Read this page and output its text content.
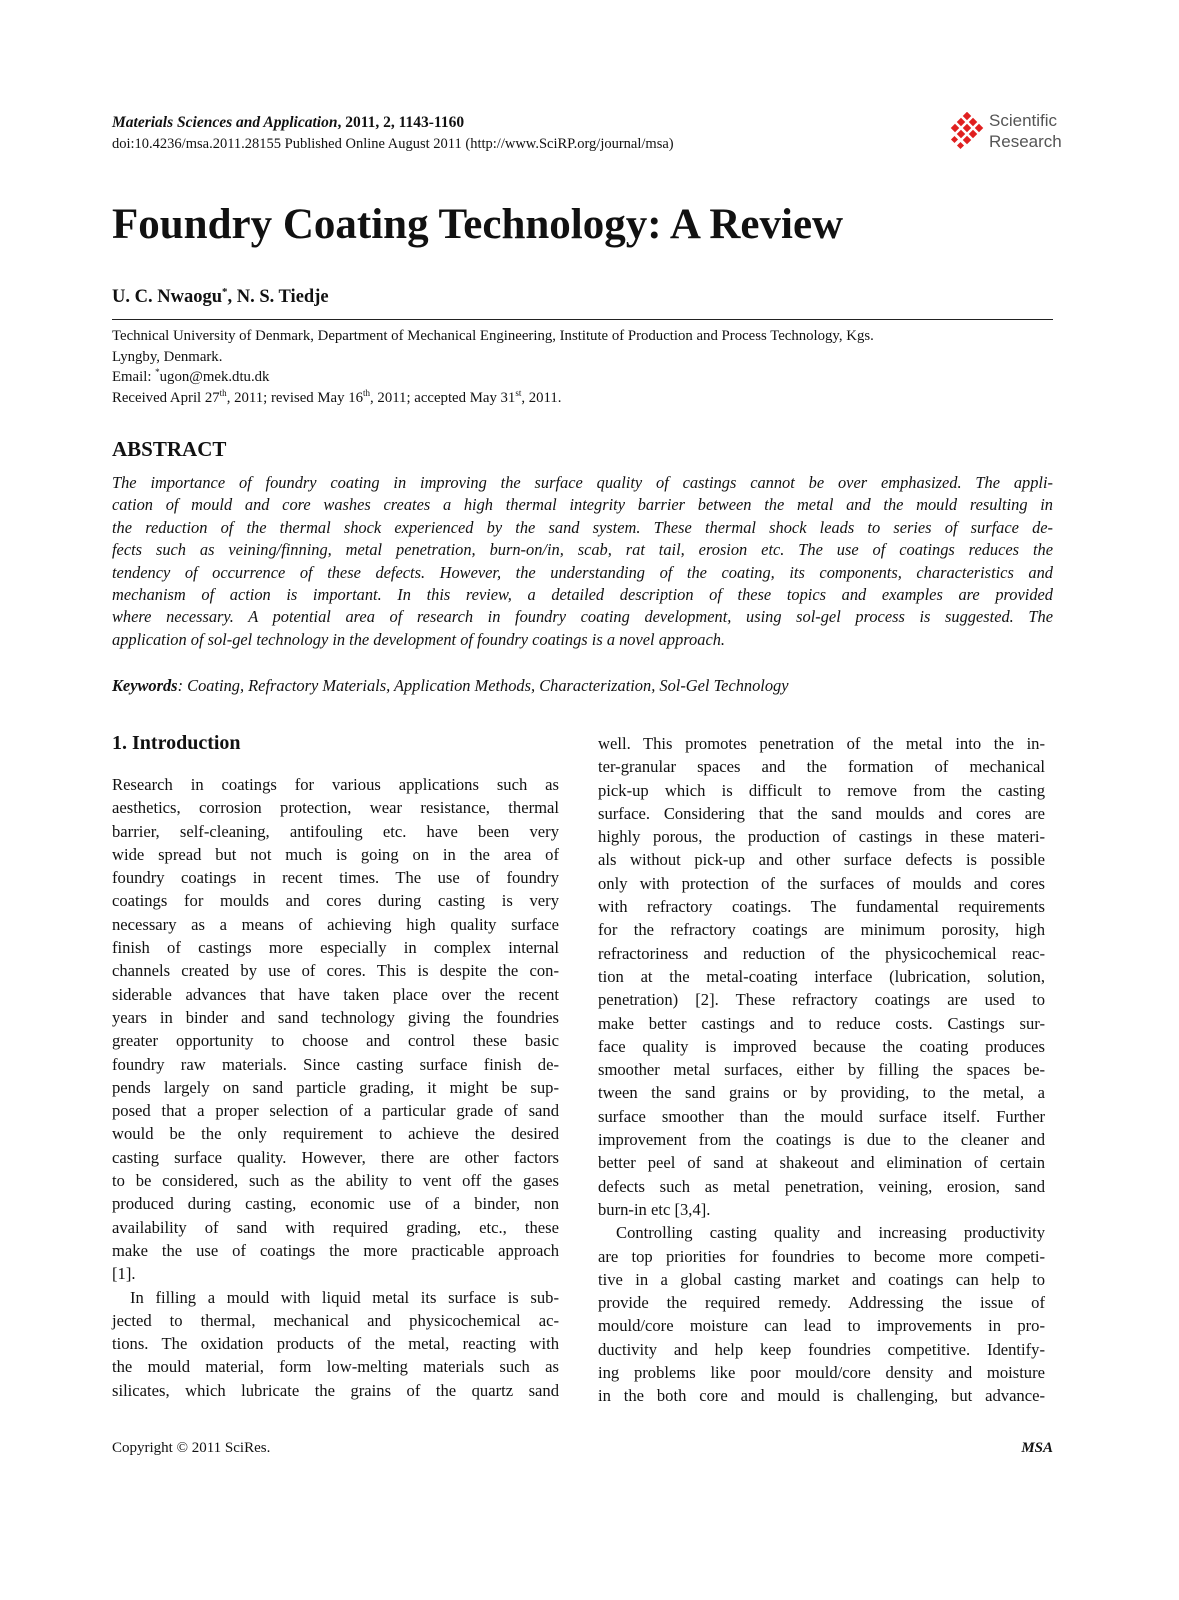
Materials Sciences and Application, 2011, 2, 1143-1160
doi:10.4236/msa.2011.28155 Published Online August 2011 (http://www.SciRP.org/journal/msa)
Scientific
Research
Foundry Coating Technology: A Review
U. C. Nwaogu*, N. S. Tiedje
Technical University of Denmark, Department of Mechanical Engineering, Institute of Production and Process Technology, Kgs.
Lyngby, Denmark.
Email: *ugon@mek.dtu.dk
Received April 27th, 2011; revised May 16th, 2011; accepted May 31st, 2011.
ABSTRACT
The importance of foundry coating in improving the surface quality of castings cannot be over emphasized. The appli-
cation of mould and core washes creates a high thermal integrity barrier between the metal and the mould resulting in
the reduction of the thermal shock experienced by the sand system. These thermal shock leads to series of surface de-
fects such as veining/finning, metal penetration, burn-on/in, scab, rat tail, erosion etc. The use of coatings reduces the
tendency of occurrence of these defects. However, the understanding of the coating, its components, characteristics and
mechanism of action is important. In this review, a detailed description of these topics and examples are provided
where necessary. A potential area of research in foundry coating development, using sol-gel process is suggested. The
application of sol-gel technology in the development of foundry coatings is a novel approach.
Keywords: Coating, Refractory Materials, Application Methods, Characterization, Sol-Gel Technology
1. Introduction
Research in coatings for various applications such as
aesthetics, corrosion protection, wear resistance, thermal
barrier, self-cleaning, antifouling etc. have been very
wide spread but not much is going on in the area of
foundry coatings in recent times. The use of foundry
coatings for moulds and cores during casting is very
necessary as a means of achieving high quality surface
finish of castings more especially in complex internal
channels created by use of cores. This is despite the con-
siderable advances that have taken place over the recent
years in binder and sand technology giving the foundries
greater opportunity to choose and control these basic
foundry raw materials. Since casting surface finish de-
pends largely on sand particle grading, it might be sup-
posed that a proper selection of a particular grade of sand
would be the only requirement to achieve the desired
casting surface quality. However, there are other factors
to be considered, such as the ability to vent off the gases
produced during casting, economic use of a binder, non
availability of sand with required grading, etc., these
make the use of coatings the more practicable approach
[1].
In filling a mould with liquid metal its surface is sub-
jected to thermal, mechanical and physicochemical ac-
tions. The oxidation products of the metal, reacting with
the mould material, form low-melting materials such as
silicates, which lubricate the grains of the quartz sand
well. This promotes penetration of the metal into the in-
ter-granular spaces and the formation of mechanical
pick-up which is difficult to remove from the casting
surface. Considering that the sand moulds and cores are
highly porous, the production of castings in these materi-
als without pick-up and other surface defects is possible
only with protection of the surfaces of moulds and cores
with refractory coatings. The fundamental requirements
for the refractory coatings are minimum porosity, high
refractoriness and reduction of the physicochemical reac-
tion at the metal-coating interface (lubrication, solution,
penetration) [2]. These refractory coatings are used to
make better castings and to reduce costs. Castings sur-
face quality is improved because the coating produces
smoother metal surfaces, either by filling the spaces be-
tween the sand grains or by providing, to the metal, a
surface smoother than the mould surface itself. Further
improvement from the coatings is due to the cleaner and
better peel of sand at shakeout and elimination of certain
defects such as metal penetration, veining, erosion, sand
burn-in etc [3,4].
Controlling casting quality and increasing productivity
are top priorities for foundries to become more competi-
tive in a global casting market and coatings can help to
provide the required remedy. Addressing the issue of
mould/core moisture can lead to improvements in pro-
ductivity and help keep foundries competitive. Identify-
ing problems like poor mould/core density and moisture
in the both core and mould is challenging, but advance-
Copyright © 2011 SciRes.	MSA
